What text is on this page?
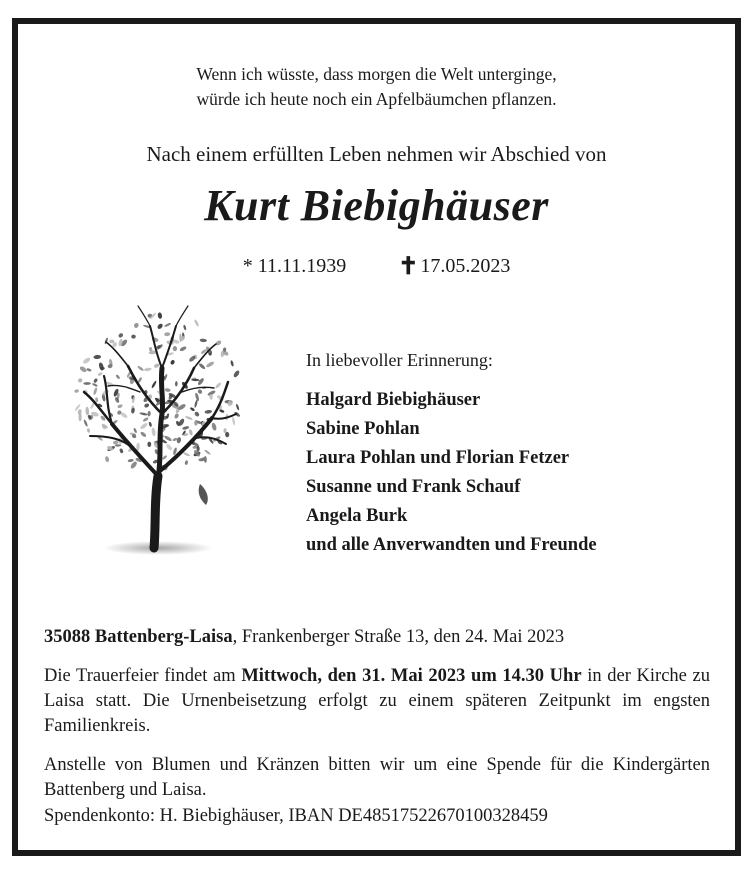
Wenn ich wüsste, dass morgen die Welt unterginge,
würde ich heute noch ein Apfelbäumchen pflanzen.
Nach einem erfüllten Leben nehmen wir Abschied von
Kurt Biebighäuser
* 11.11.1939 ✝ 17.05.2023
In liebevoller Erinnerung:
Halgard Biebighäuser
Sabine Pohlan
Laura Pohlan und Florian Fetzer
Susanne und Frank Schauf
Angela Burk
und alle Anverwandten und Freunde
35088 Battenberg-Laisa, Frankenberger Straße 13, den 24. Mai 2023
Die Trauerfeier findet am Mittwoch, den 31. Mai 2023 um 14.30 Uhr in der Kirche zu Laisa statt. Die Urnenbeisetzung erfolgt zu einem späteren Zeitpunkt im engsten Familienkreis.
Anstelle von Blumen und Kränzen bitten wir um eine Spende für die Kindergärten Battenberg und Laisa.
Spendenkonto: H. Biebighäuser, IBAN DE48517522670100328459
